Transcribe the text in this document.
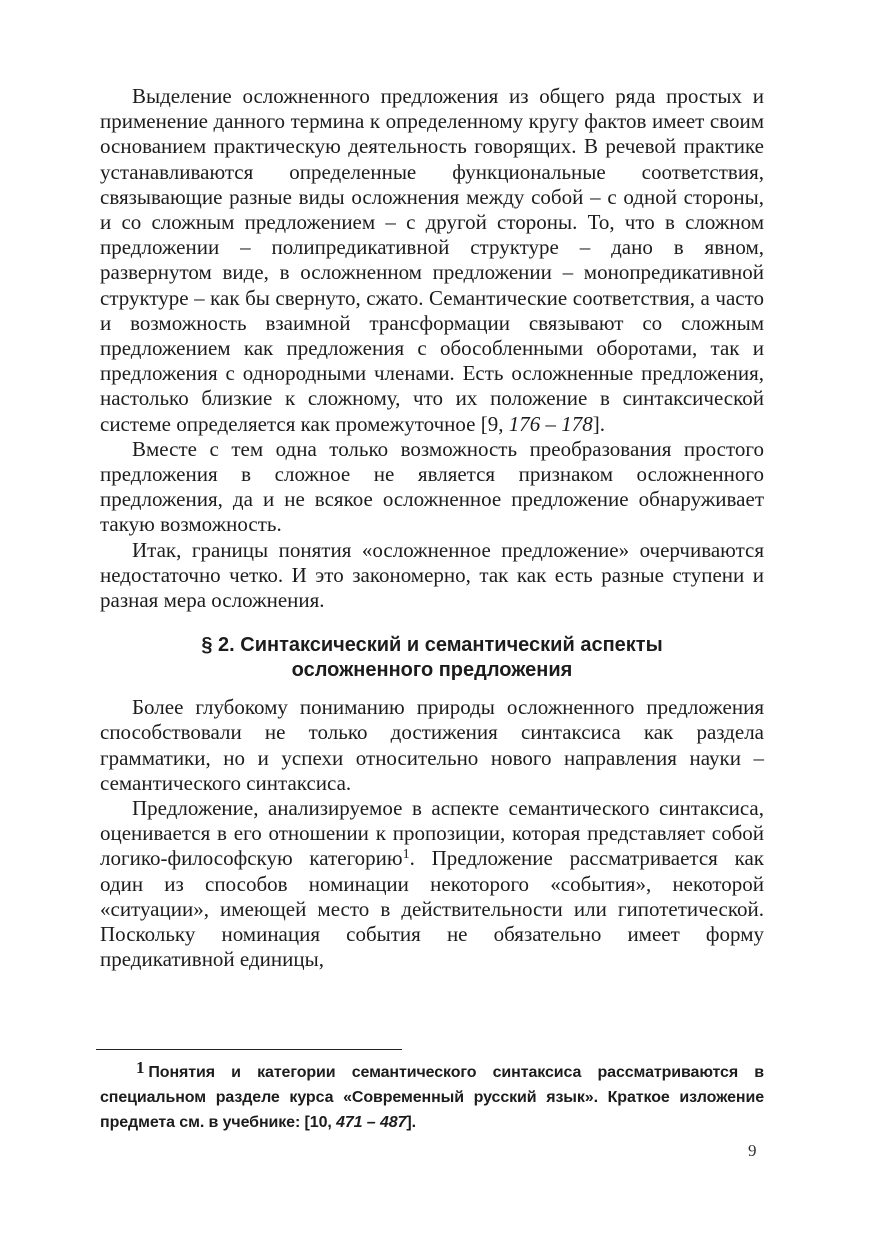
Выделение осложненного предложения из общего ряда простых и применение данного термина к определенному кругу фактов имеет своим основанием практическую деятельность говорящих. В речевой практике устанавливаются определенные функциональные соответствия, связывающие разные виды осложнения между собой – с одной стороны, и со сложным предложением – с другой стороны. То, что в сложном предложении – полипредикативной структуре – дано в явном, развернутом виде, в осложненном предложении – монопредикативной структуре – как бы свернуто, сжато. Семантические соответствия, а часто и возможность взаимной трансформации связывают со сложным предложением как предложения с обособленными оборотами, так и предложения с однородными членами. Есть осложненные предложения, настолько близкие к сложному, что их положение в синтаксической системе определяется как промежуточное [9, 176 – 178].

Вместе с тем одна только возможность преобразования простого предложения в сложное не является признаком осложненного предложения, да и не всякое осложненное предложение обнаруживает такую возможность.

Итак, границы понятия «осложненное предложение» очерчиваются недостаточно четко. И это закономерно, так как есть разные ступени и разная мера осложнения.

§ 2. Синтаксический и семантический аспекты
осложненного предложения

Более глубокому пониманию природы осложненного предложения способствовали не только достижения синтаксиса как раздела грамматики, но и успехи относительно нового направления науки – семантического синтаксиса.

Предложение, анализируемое в аспекте семантического синтаксиса, оценивается в его отношении к пропозиции, которая представляет собой логико-философскую категорию$^1$. Предложение рассматривается как один из способов номинации некоторого «события», некоторой «ситуации», имеющей место в действительности или гипотетической. Поскольку номинация события не обязательно имеет форму предикативной единицы,

1 Понятия и категории семантического синтаксиса рассматриваются в специальном разделе курса «Современный русский язык». Краткое изложение предмета см. в учебнике: [10, 471 – 487].

9
